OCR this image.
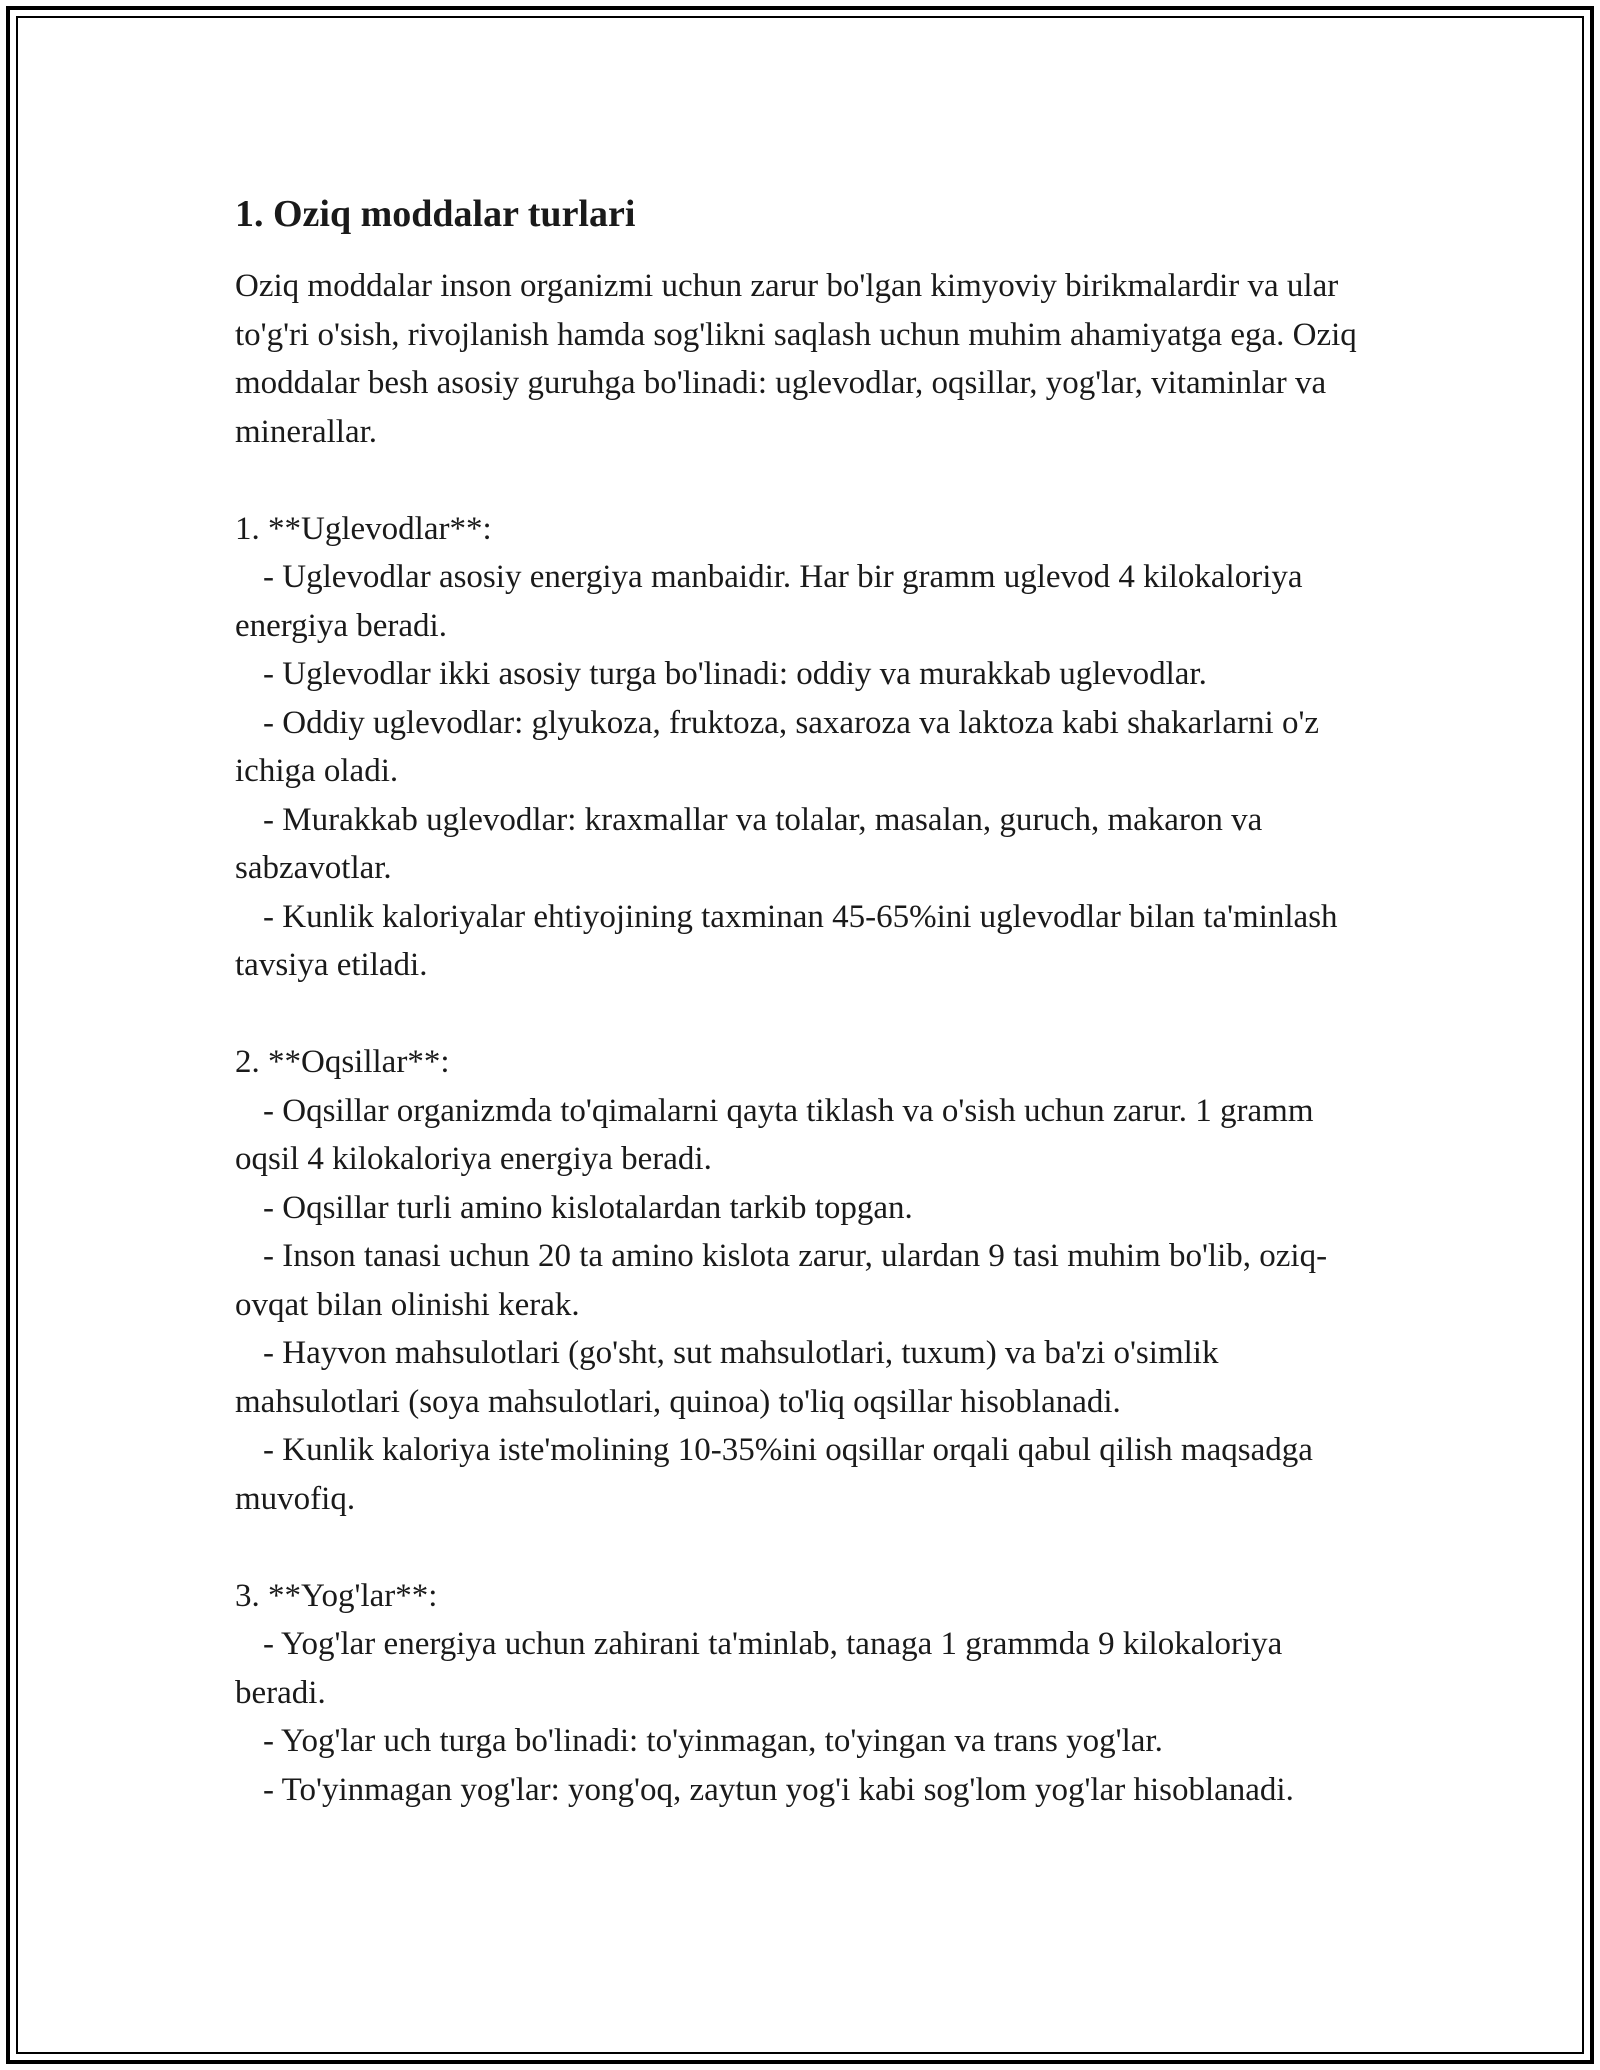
1. Oziq moddalar turlari

Oziq moddalar inson organizmi uchun zarur bo'lgan kimyoviy birikmalardir va ular to'g'ri o'sish, rivojlanish hamda sog'likni saqlash uchun muhim ahamiyatga ega. Oziq moddalar besh asosiy guruhga bo'linadi: uglevodlar, oqsillar, yog'lar, vitaminlar va minerallar.

1. **Uglevodlar**:

- Uglevodlar asosiy energiya manbaidir. Har bir gramm uglevod 4 kilokaloriya energiya beradi.

- Uglevodlar ikki asosiy turga bo'linadi: oddiy va murakkab uglevodlar.

- Oddiy uglevodlar: glyukoza, fruktoza, saxaroza va laktoza kabi shakarlarni o'z ichiga oladi.

- Murakkab uglevodlar: kraxmallar va tolalar, masalan, guruch, makaron va sabzavotlar.

- Kunlik kaloriyalar ehtiyojining taxminan 45-65%ini uglevodlar bilan ta'minlash tavsiya etiladi.

2. **Oqsillar**:

- Oqsillar organizmda to'qimalarni qayta tiklash va o'sish uchun zarur. 1 gramm oqsil 4 kilokaloriya energiya beradi.

- Oqsillar turli amino kislotalardan tarkib topgan.

- Inson tanasi uchun 20 ta amino kislota zarur, ulardan 9 tasi muhim bo'lib, oziq-ovqat bilan olinishi kerak.

- Hayvon mahsulotlari (go'sht, sut mahsulotlari, tuxum) va ba'zi o'simlik mahsulotlari (soya mahsulotlari, quinoa) to'liq oqsillar hisoblanadi.

- Kunlik kaloriya iste'molining 10-35%ini oqsillar orqali qabul qilish maqsadga muvofiq.

3. **Yog'lar**:

- Yog'lar energiya uchun zahirani ta'minlab, tanaga 1 grammda 9 kilokaloriya beradi.

- Yog'lar uch turga bo'linadi: to'yinmagan, to'yingan va trans yog'lar.

- To'yinmagan yog'lar: yong'oq, zaytun yog'i kabi sog'lom yog'lar hisoblanadi.
